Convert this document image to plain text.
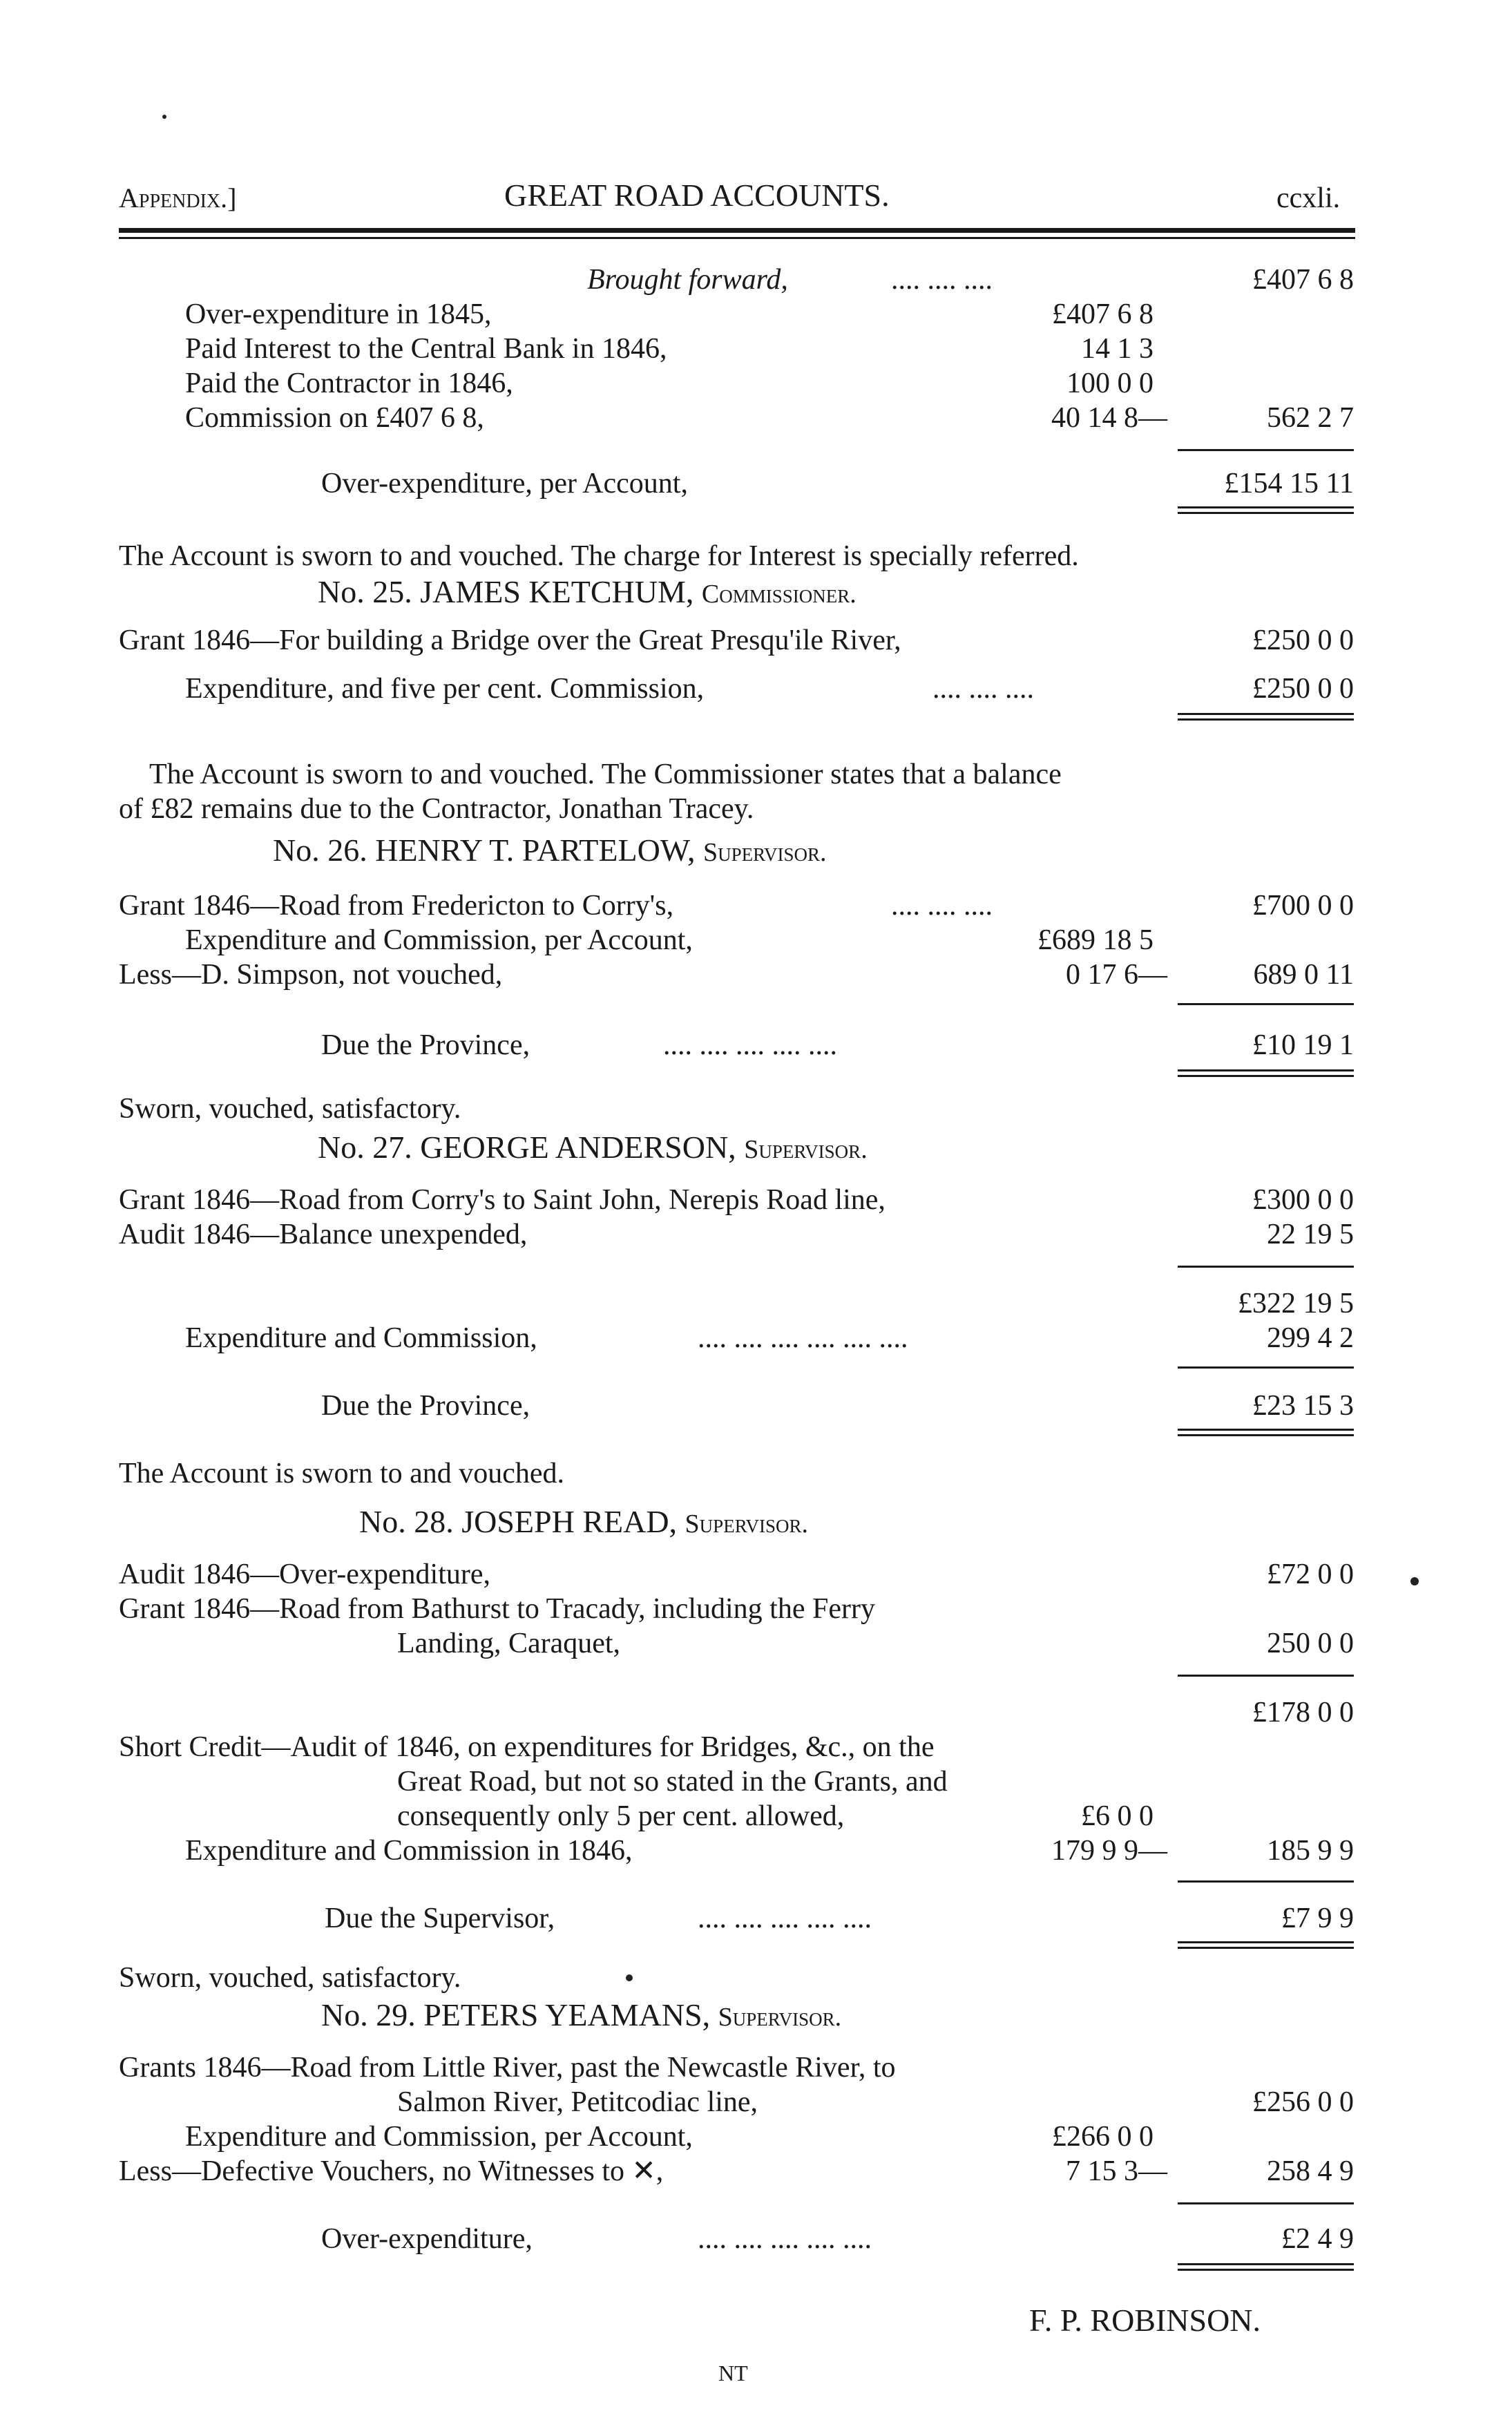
Appendix.]	GREAT ROAD ACCOUNTS.	ccxli.
Brought forward,	.... .... ....	£407 6 8
Over-expenditure in 1845,	£407 6 8
Paid Interest to the Central Bank in 1846,	14 1 3
Paid the Contractor in 1846,	100 0 0
Commission on £407 6 8,	40 14 8—	562 2 7
Over-expenditure, per Account,	£154 15 11
The Account is sworn to and vouched. The charge for Interest is specially referred.
No. 25. JAMES KETCHUM, Commissioner.
Grant 1846—For building a Bridge over the Great Presqu'ile River,	£250 0 0
Expenditure, and five per cent. Commission,	.... .... ....	£250 0 0
The Account is sworn to and vouched. The Commissioner states that a balance
of £82 remains due to the Contractor, Jonathan Tracey.
No. 26. HENRY T. PARTELOW, Supervisor.
Grant 1846—Road from Fredericton to Corry's,	.... .... ....	£700 0 0
Expenditure and Commission, per Account,	£689 18 5
Less—D. Simpson, not vouched,	0 17 6—	689 0 11
Due the Province,	.... .... .... .... ....	£10 19 1
Sworn, vouched, satisfactory.
No. 27. GEORGE ANDERSON, Supervisor.
Grant 1846—Road from Corry's to Saint John, Nerepis Road line,	£300 0 0
Audit 1846—Balance unexpended,	22 19 5
£322 19 5
Expenditure and Commission,	.... .... .... .... .... ....	299 4 2
Due the Province,	£23 15 3
The Account is sworn to and vouched.
No. 28. JOSEPH READ, Supervisor.
Audit 1846—Over-expenditure,	£72 0 0
Grant 1846—Road from Bathurst to Tracady, including the Ferry
Landing, Caraquet,	250 0 0
£178 0 0
Short Credit—Audit of 1846, on expenditures for Bridges, &c., on the
Great Road, but not so stated in the Grants, and
consequently only 5 per cent. allowed,	£6 0 0
Expenditure and Commission in 1846,	179 9 9—	185 9 9
Due the Supervisor,	.... .... .... .... ....	£7 9 9
Sworn, vouched, satisfactory.
No. 29. PETERS YEAMANS, Supervisor.
Grants 1846—Road from Little River, past the Newcastle River, to
Salmon River, Petitcodiac line,	£256 0 0
Expenditure and Commission, per Account,	£266 0 0
Less—Defective Vouchers, no Witnesses to ✕,	7 15 3—	258 4 9
Over-expenditure,	.... .... .... .... ....	£2 4 9
F. P. ROBINSON.
NT
